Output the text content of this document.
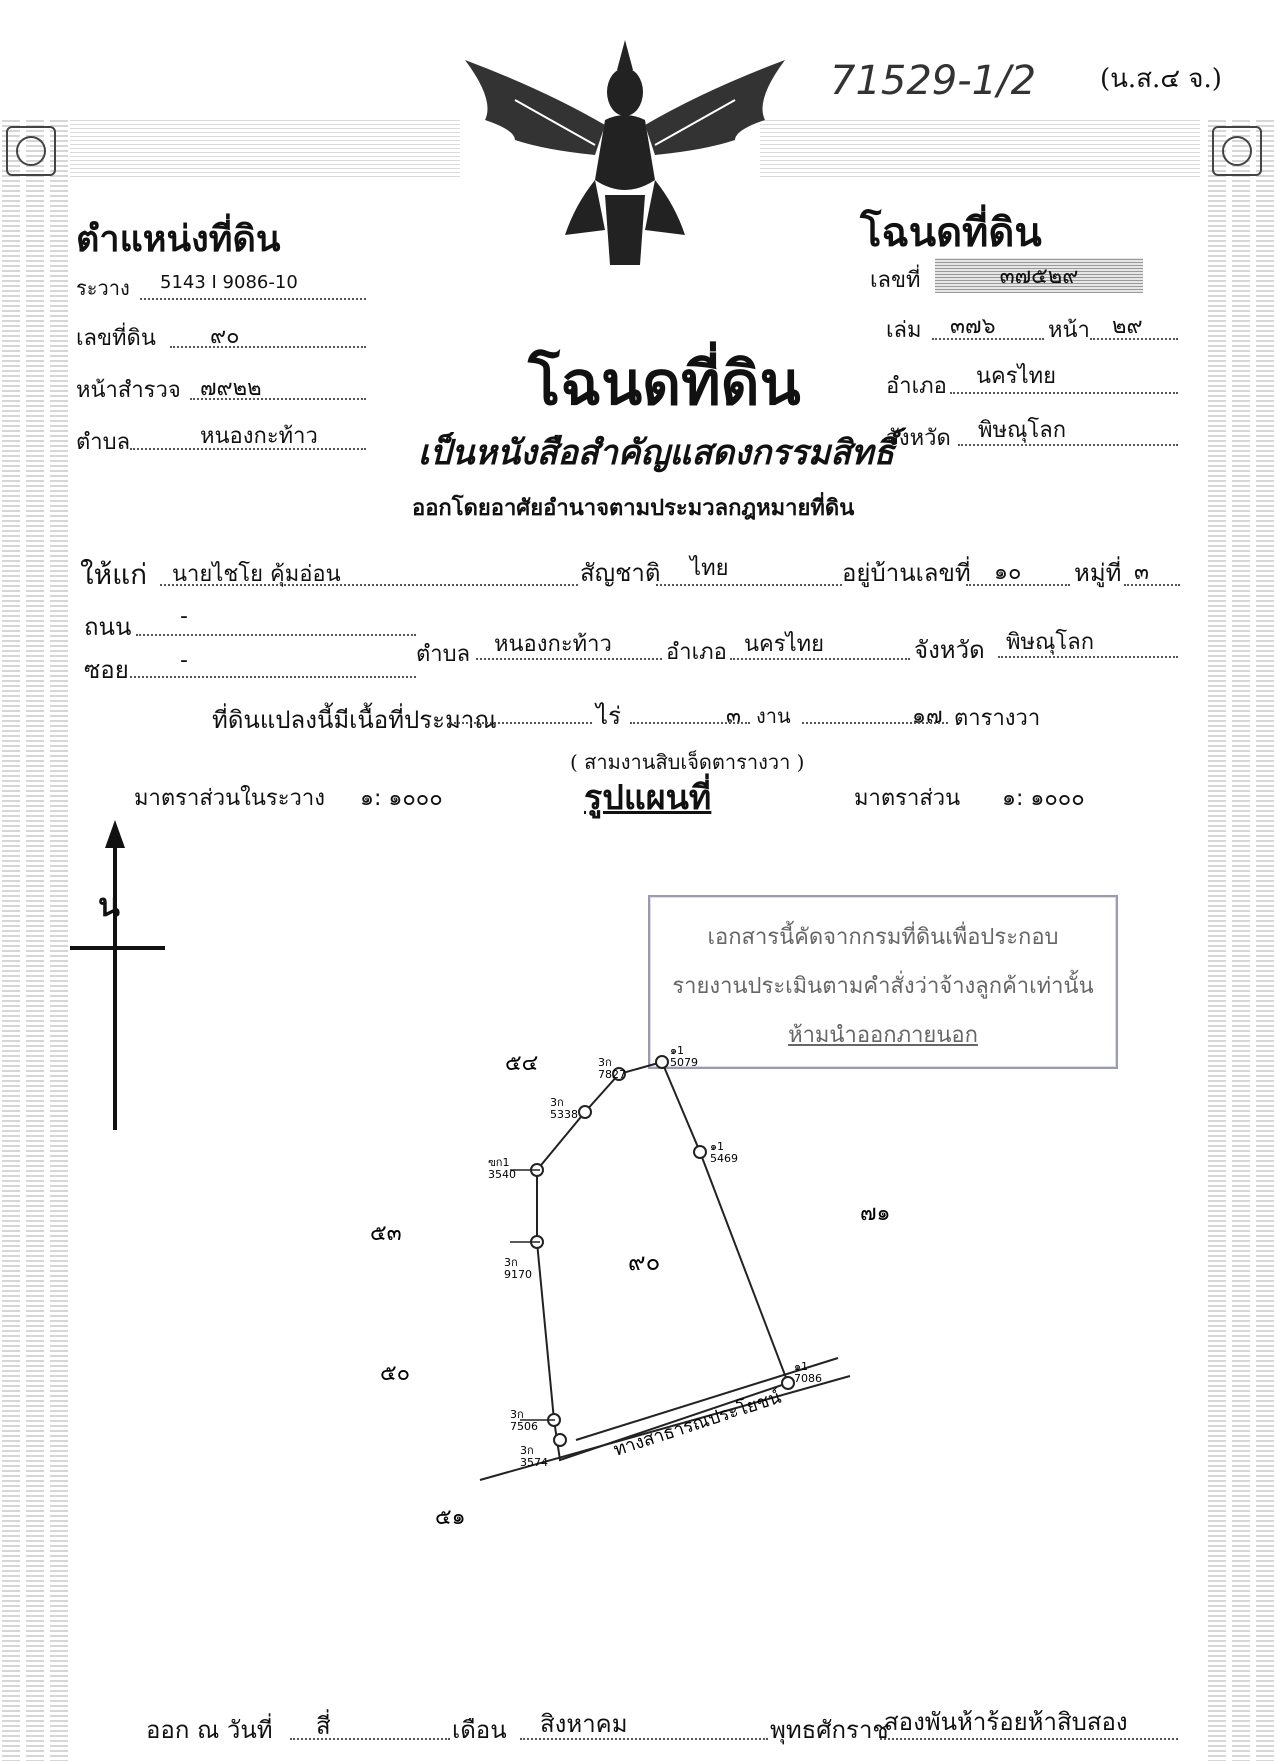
71529-1/2 (น.ส.๔ จ.)
ตำแหน่งที่ดิน
ระวาง 5143 I 9086-10
เลขที่ดิน ๙๐
หน้าสำรวจ ๗๙๒๒
ตำบล	หนองกะท้าว
โฉนดที่ดิน
เลขที่	๓๗๕๒๙
เล่ม ๓๗๖ หน้า ๒๙
อำเภอ นครไทย
จังหวัด พิษณุโลก
โฉนดที่ดิน
เป็นหนังสือสำคัญแสดงกรรมสิทธิ์
ออกโดยอาศัยอำนาจตามประมวลกฎหมายที่ดิน
ให้แก่ นายไชโย คุ้มอ่อน	สัญชาติ ไทย	อยู่บ้านเลขที่ ๑๐ หมู่ที่ ๓
ถนน -
ซอย -	ตำบล หนองกะท้าว อำเภอ นครไทย	จังหวัด พิษณุโลก
ที่ดินแปลงนี้มีเนื้อที่ประมาณ	ไร่	๓ งาน	๑๗ ตารางวา
( สามงานสิบเจ็ดตารางวา )
มาตราส่วนในระวาง ๑: ๑๐๐๐	รูปแผนที่	มาตราส่วน ๑: ๑๐๐๐
น
เอกสารนี้คัดจากกรมที่ดินเพื่อประกอบ
รายงานประเมินตามคำสั่งว่าจ้างลูกค้าเท่านั้น
ห้ามนำออกภายนอก
๙๐
๕๔
๕๓
๕๐
๕๑
๗๑
ทางสาธารณประโยชน์
๑1 5079
3ก 7827
3ก 5338
๑1 5469
ฃก1 3540
3ก 9170
3ก 7506
3ก 3574
๑1 7086
ออก ณ วันที่ สี่	เดือน สิงหาคม	พุทธศักราช
สองพันห้าร้อยห้าสิบสอง
